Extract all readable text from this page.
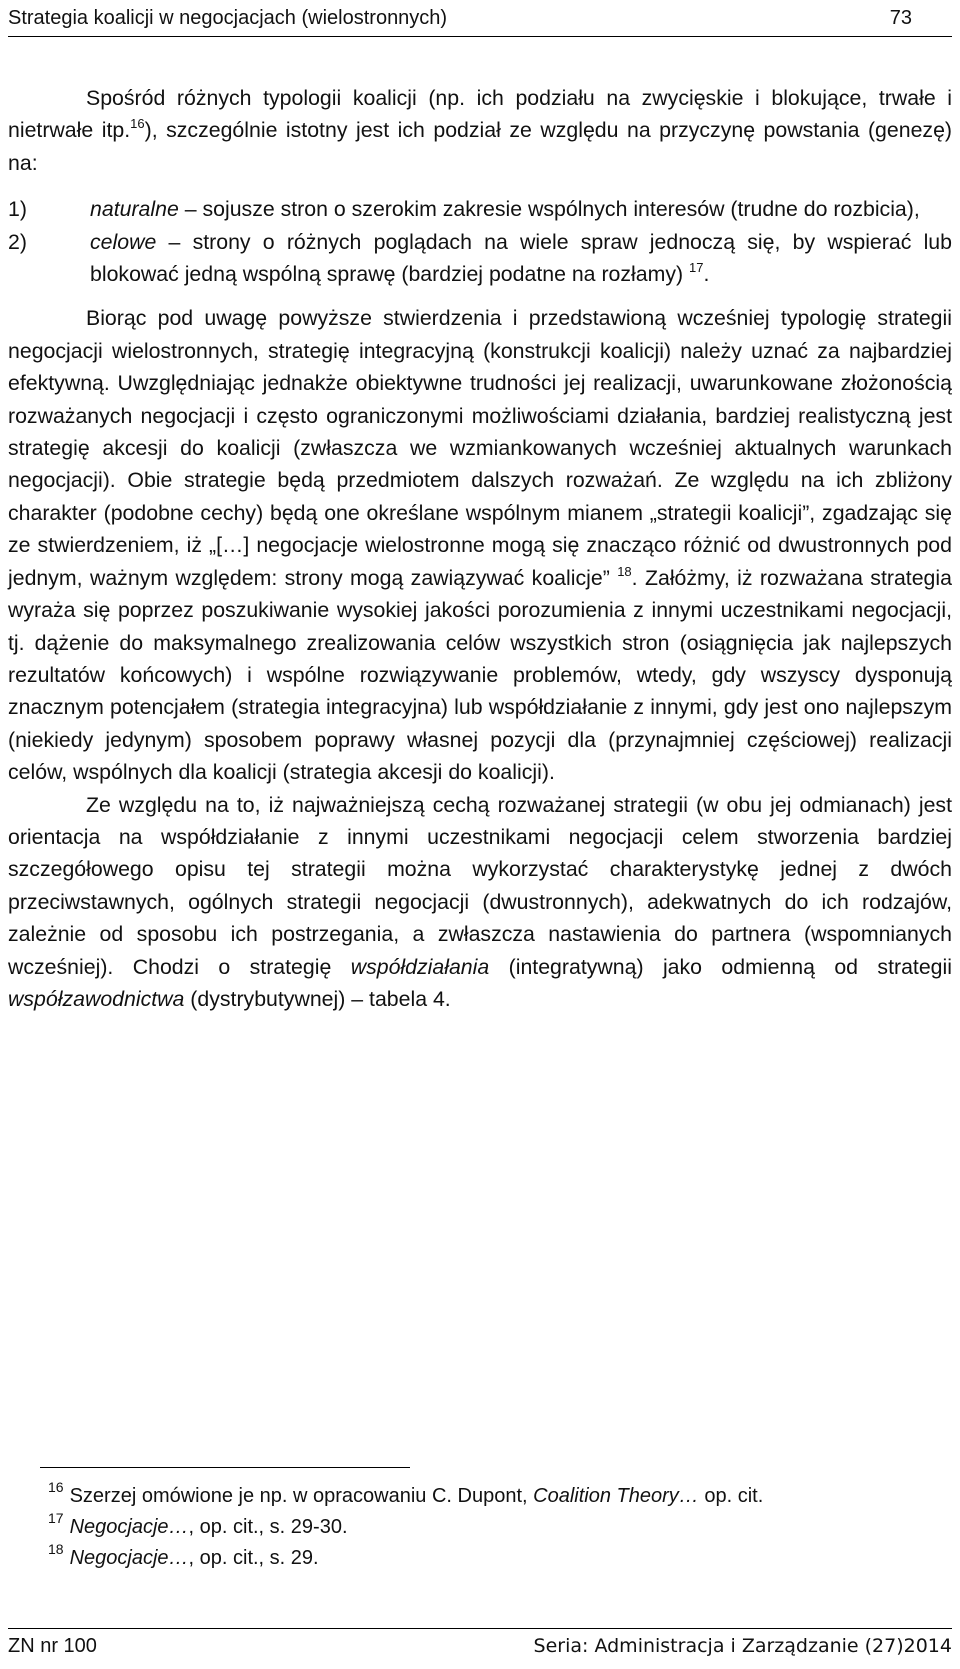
Strategia koalicji w negocjacjach (wielostronnych)	73

Spośród różnych typologii koalicji (np. ich podziału na zwycięskie i blokujące, trwałe i nietrwałe itp.$^{16}$), szczególnie istotny jest ich podział ze względu na przyczynę powstania (genezę) na:

1)	naturalne – sojusze stron o szerokim zakresie wspólnych interesów (trudne do rozbicia),
2)	celowe – strony o różnych poglądach na wiele spraw jednoczą się, by wspierać lub blokować jedną wspólną sprawę (bardziej podatne na rozłamy) $^{17}$.

Biorąc pod uwagę powyższe stwierdzenia i przedstawioną wcześniej typologię strategii negocjacji wielostronnych, strategię integracyjną (konstrukcji koalicji) należy uznać za najbardziej efektywną. Uwzględniając jednakże obiektywne trudności jej realizacji, uwarunkowane złożonością rozważanych negocjacji i często ograniczonymi możliwościami działania, bardziej realistyczną jest strategię akcesji do koalicji (zwłaszcza we wzmiankowanych wcześniej aktualnych warunkach negocjacji). Obie strategie będą przedmiotem dalszych rozważań. Ze względu na ich zbliżony charakter (podobne cechy) będą one określane wspólnym mianem „strategii koalicji”, zgadzając się ze stwierdzeniem, iż „[…] negocjacje wielostronne mogą się znacząco różnić od dwustronnych pod jednym, ważnym względem: strony mogą zawiązywać koalicje” $^{18}$. Załóżmy, iż rozważana strategia wyraża się poprzez poszukiwanie wysokiej jakości porozumienia z innymi uczestnikami negocjacji, tj. dążenie do maksymalnego zrealizowania celów wszystkich stron (osiągnięcia jak najlepszych rezultatów końcowych) i wspólne rozwiązywanie problemów, wtedy, gdy wszyscy dysponują znacznym potencjałem (strategia integracyjna) lub współdziałanie z innymi, gdy jest ono najlepszym (niekiedy jedynym) sposobem poprawy własnej pozycji dla (przynajmniej częściowej) realizacji celów, wspólnych dla koalicji (strategia akcesji do koalicji).

Ze względu na to, iż najważniejszą cechą rozważanej strategii (w obu jej odmianach) jest orientacja na współdziałanie z innymi uczestnikami negocjacji celem stworzenia bardziej szczegółowego opisu tej strategii można wykorzystać charakterystykę jednej z dwóch przeciwstawnych, ogólnych strategii negocjacji (dwustronnych), adekwatnych do ich rodzajów, zależnie od sposobu ich postrzegania, a zwłaszcza nastawienia do partnera (wspomnianych wcześniej). Chodzi o strategię współdziałania (integratywną) jako odmienną od strategii współzawodnictwa (dystrybutywnej) – tabela 4.

$^{16}$ Szerzej omówione je np. w opracowaniu C. Dupont, Coalition Theory… op. cit.
$^{17}$ Negocjacje…, op. cit., s. 29-30.
$^{18}$ Negocjacje…, op. cit., s. 29.
ZN nr 100	Seria: Administracja i Zarządzanie (27)2014
